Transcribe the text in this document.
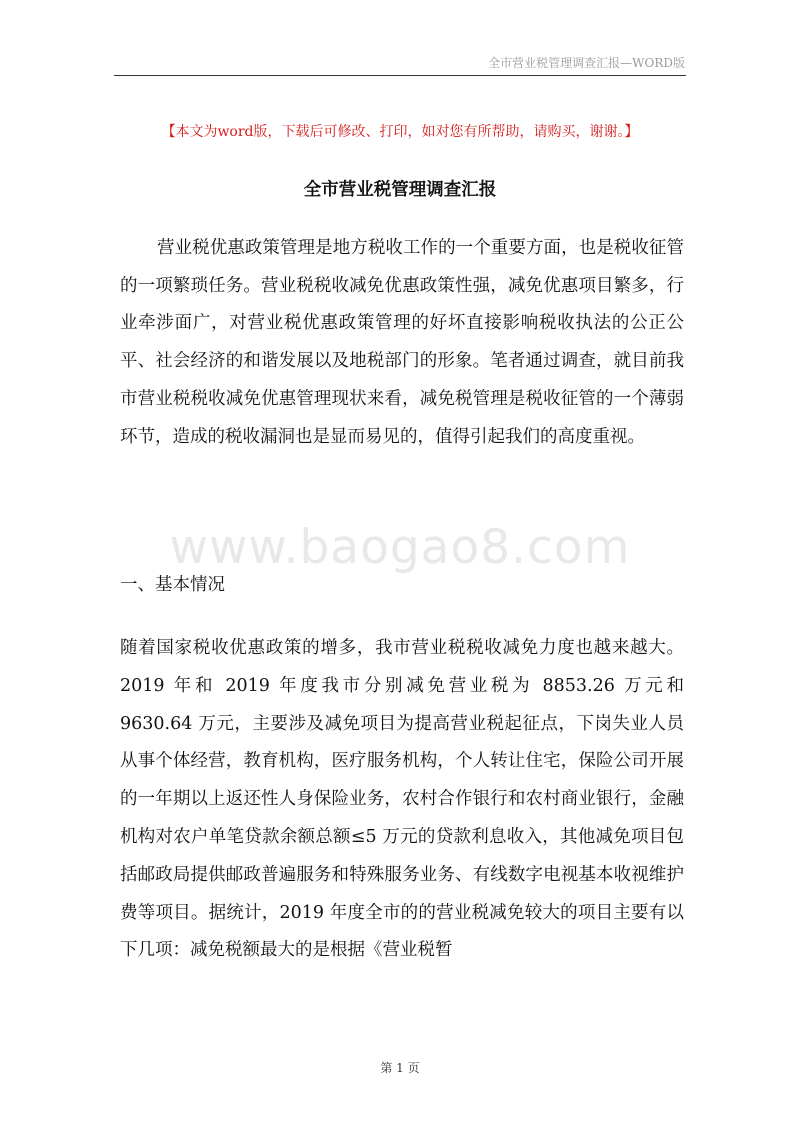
全市营业税管理调查汇报—WORD版
【本文为word版，下载后可修改、打印，如对您有所帮助，请购买，谢谢。】
全市营业税管理调查汇报

营业税优惠政策管理是地方税收工作的一个重要方面，也是税收征管的一项繁琐任务。营业税税收减免优惠政策性强，减免优惠项目繁多，行业牵涉面广，对营业税优惠政策管理的好坏直接影响税收执法的公正公平、社会经济的和谐发展以及地税部门的形象。笔者通过调查，就目前我市营业税税收减免优惠管理现状来看，减免税管理是税收征管的一个薄弱环节，造成的税收漏洞也是显而易见的，值得引起我们的高度重视。

www.baogao8.com
一、基本情况

随着国家税收优惠政策的增多，我市营业税税收减免力度也越来越大。2019 年和 2019 年度我市分别减免营业税为 8853.26 万元和 9630.64 万元，主要涉及减免项目为提高营业税起征点，下岗失业人员从事个体经营，教育机构，医疗服务机构，个人转让住宅，保险公司开展的一年期以上返还性人身保险业务，农村合作银行和农村商业银行，金融机构对农户单笔贷款余额总额≤5 万元的贷款利息收入，其他减免项目包括邮政局提供邮政普遍服务和特殊服务业务、有线数字电视基本收视维护费等项目。据统计，2019 年度全市的的营业税减免较大的项目主要有以下几项：减免税额最大的是根据《营业税暂

第 1 页
